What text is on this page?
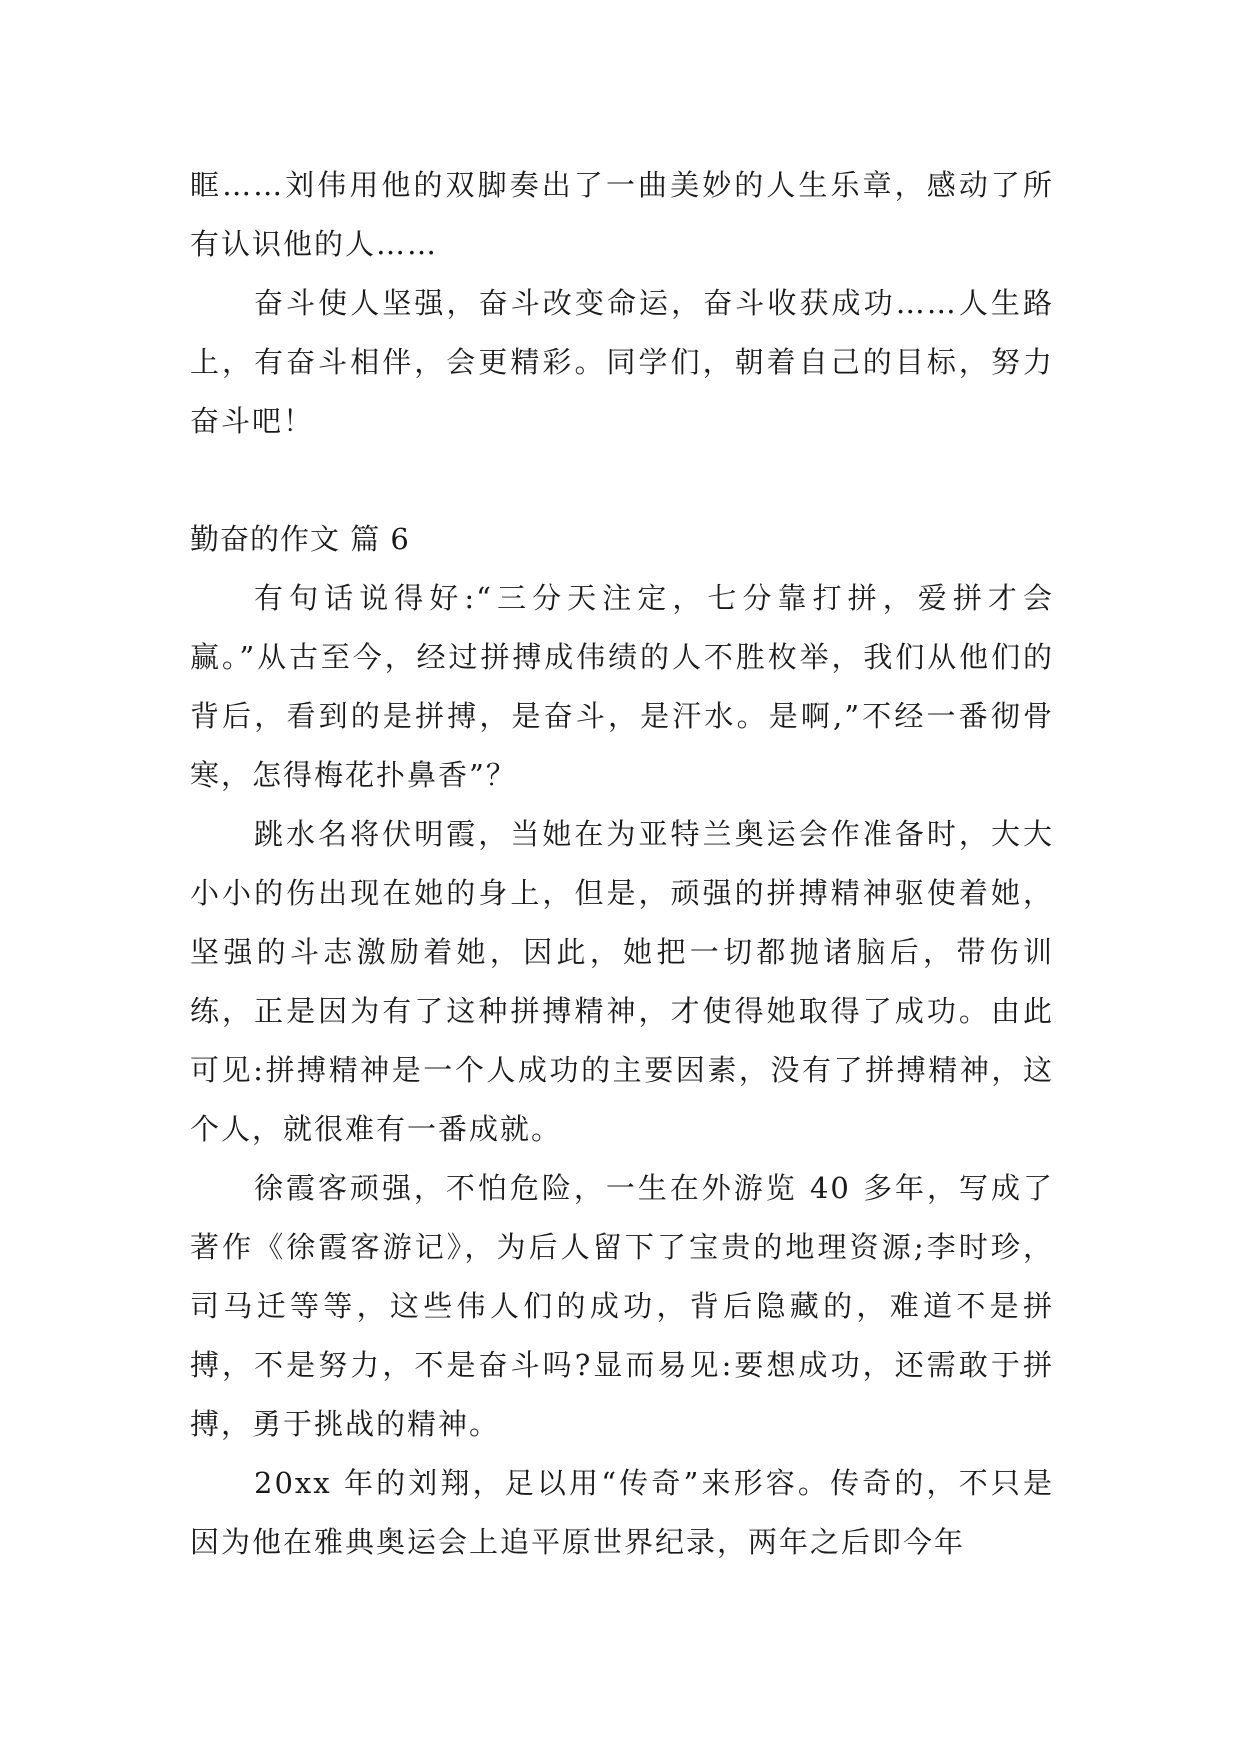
眶……刘伟用他的双脚奏出了一曲美妙的人生乐章，感动了所有认识他的人……

奋斗使人坚强，奋斗改变命运，奋斗收获成功……人生路上，有奋斗相伴，会更精彩。同学们，朝着自己的目标，努力奋斗吧！

勤奋的作文 篇 6

有句话说得好:“三分天注定，七分靠打拼，爱拼才会赢。”从古至今，经过拼搏成伟绩的人不胜枚举，我们从他们的背后，看到的是拼搏，是奋斗，是汗水。是啊,”不经一番彻骨寒，怎得梅花扑鼻香”？

跳水名将伏明霞，当她在为亚特兰奥运会作准备时，大大小小的伤出现在她的身上，但是，顽强的拼搏精神驱使着她，坚强的斗志激励着她，因此，她把一切都抛诸脑后，带伤训练，正是因为有了这种拼搏精神，才使得她取得了成功。由此可见:拼搏精神是一个人成功的主要因素，没有了拼搏精神，这个人，就很难有一番成就。

徐霞客顽强，不怕危险，一生在外游览 40 多年，写成了著作《徐霞客游记》，为后人留下了宝贵的地理资源;李时珍，司马迁等等，这些伟人们的成功，背后隐藏的，难道不是拼搏，不是努力，不是奋斗吗?显而易见:要想成功，还需敢于拼搏，勇于挑战的精神。

20xx 年的刘翔，足以用“传奇”来形容。传奇的，不只是因为他在雅典奥运会上追平原世界纪录，两年之后即今年
